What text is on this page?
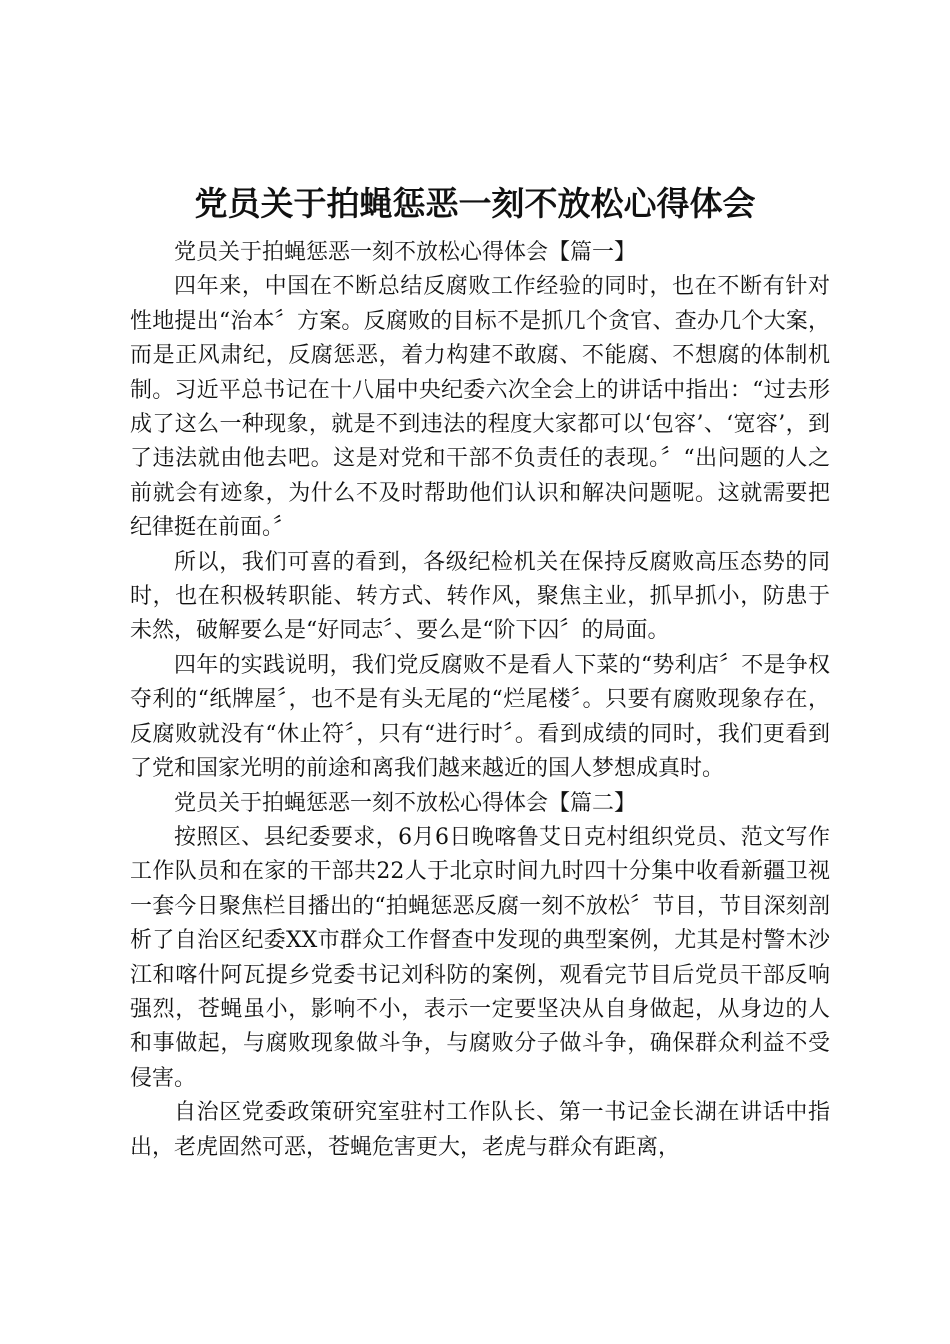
党员关于拍蝇惩恶一刻不放松心得体会

党员关于拍蝇惩恶一刻不放松心得体会【篇一】

四年来，中国在不断总结反腐败工作经验的同时，也在不断有针对性地提出“治本〞方案。反腐败的目标不是抓几个贪官、查办几个大案，而是正风肃纪，反腐惩恶，着力构建不敢腐、不能腐、不想腐的体制机制。习近平总书记在十八届中央纪委六次全会上的讲话中指出：“过去形成了这么一种现象，就是不到违法的程度大家都可以‘包容’、‘宽容’，到了违法就由他去吧。这是对党和干部不负责任的表现。〞“出问题的人之前就会有迹象，为什么不及时帮助他们认识和解决问题呢。这就需要把纪律挺在前面。〞

所以，我们可喜的看到，各级纪检机关在保持反腐败高压态势的同时，也在积极转职能、转方式、转作风，聚焦主业，抓早抓小，防患于未然，破解要么是“好同志〞、要么是“阶下囚〞的局面。

四年的实践说明，我们党反腐败不是看人下菜的“势利店〞不是争权夺利的“纸牌屋〞，也不是有头无尾的“烂尾楼〞。只要有腐败现象存在，反腐败就没有“休止符〞，只有“进行时〞。看到成绩的同时，我们更看到了党和国家光明的前途和离我们越来越近的国人梦想成真时。

党员关于拍蝇惩恶一刻不放松心得体会【篇二】

按照区、县纪委要求，6月6日晚喀鲁艾日克村组织党员、范文写作工作队员和在家的干部共22人于北京时间九时四十分集中收看新疆卫视一套今日聚焦栏目播出的“拍蝇惩恶反腐一刻不放松〞节目，节目深刻剖析了自治区纪委XX市群众工作督查中发现的典型案例，尤其是村警木沙江和喀什阿瓦提乡党委书记刘科防的案例，观看完节目后党员干部反响强烈，苍蝇虽小，影响不小，表示一定要坚决从自身做起，从身边的人和事做起，与腐败现象做斗争，与腐败分子做斗争，确保群众利益不受侵害。

自治区党委政策研究室驻村工作队长、第一书记金长湖在讲话中指出，老虎固然可恶，苍蝇危害更大，老虎与群众有距离，
